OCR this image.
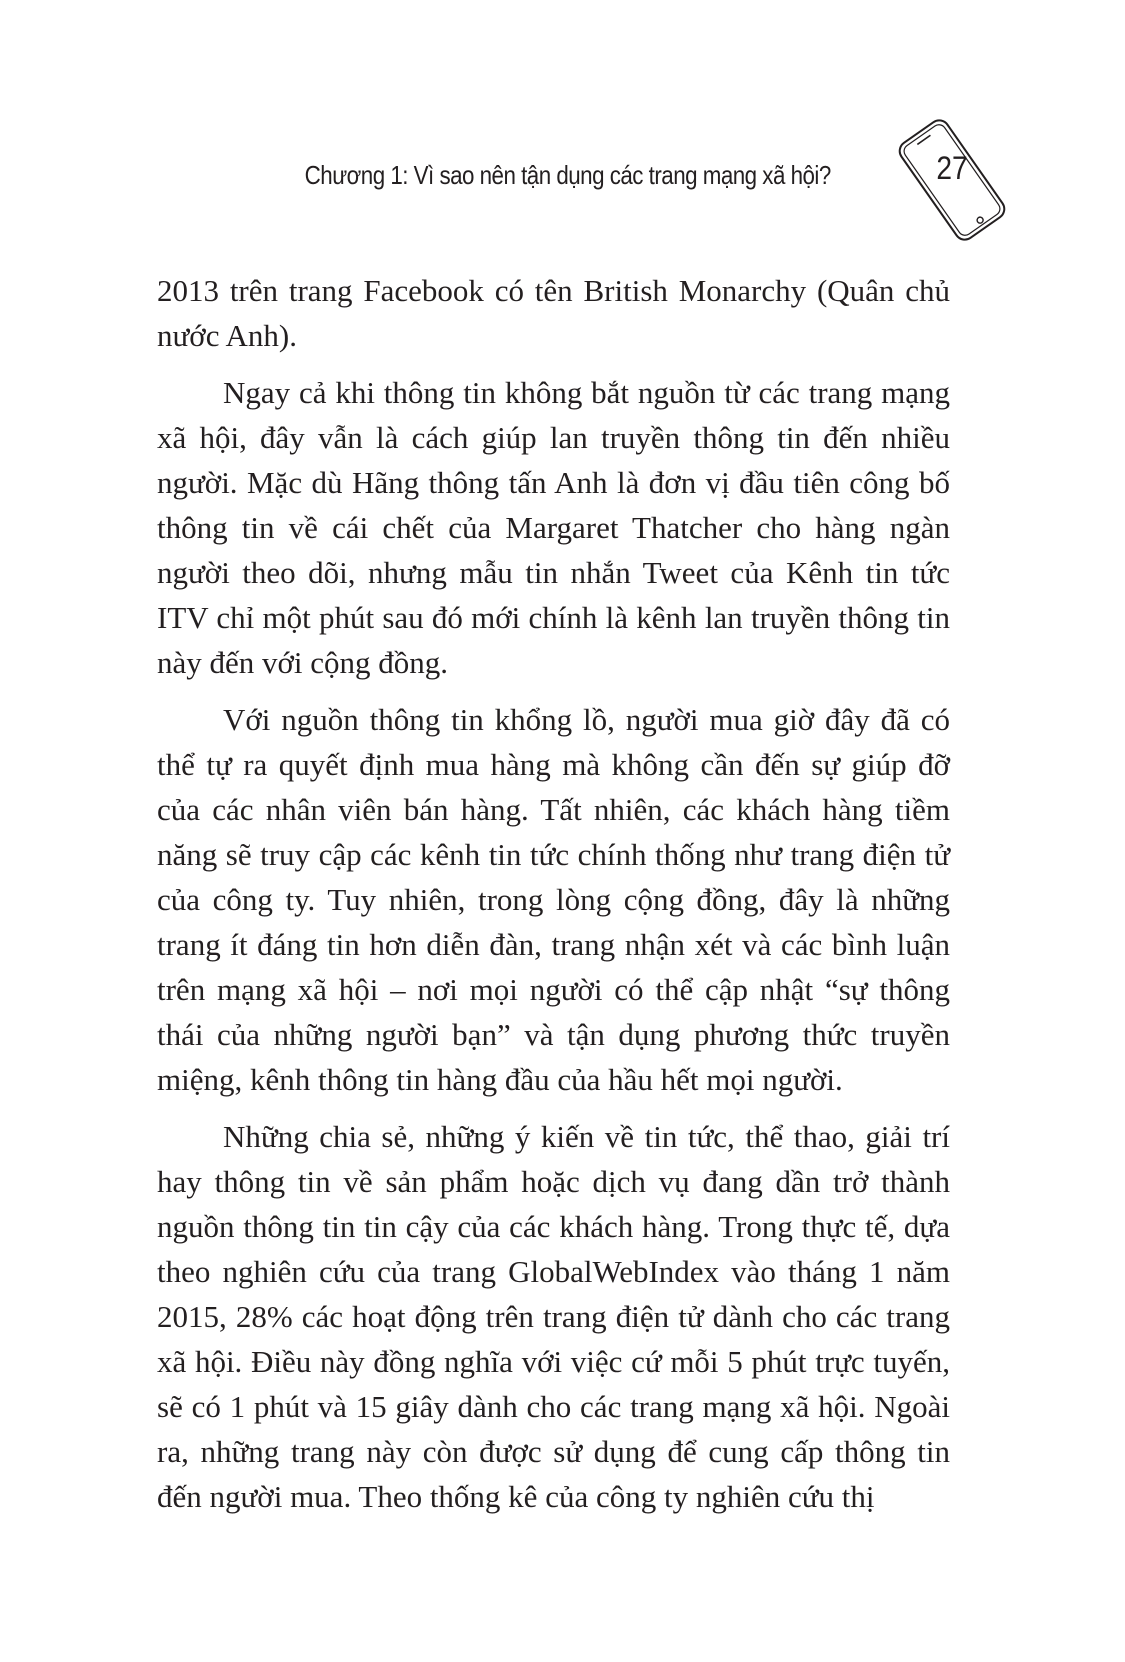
Chương 1: Vì sao nên tận dụng các trang mạng xã hội?	27

2013 trên trang Facebook có tên British Monarchy (Quân chủ nước Anh).

Ngay cả khi thông tin không bắt nguồn từ các trang mạng xã hội, đây vẫn là cách giúp lan truyền thông tin đến nhiều người. Mặc dù Hãng thông tấn Anh là đơn vị đầu tiên công bố thông tin về cái chết của Margaret Thatcher cho hàng ngàn người theo dõi, nhưng mẫu tin nhắn Tweet của Kênh tin tức ITV chỉ một phút sau đó mới chính là kênh lan truyền thông tin này đến với cộng đồng.

Với nguồn thông tin khổng lồ, người mua giờ đây đã có thể tự ra quyết định mua hàng mà không cần đến sự giúp đỡ của các nhân viên bán hàng. Tất nhiên, các khách hàng tiềm năng sẽ truy cập các kênh tin tức chính thống như trang điện tử của công ty. Tuy nhiên, trong lòng cộng đồng, đây là những trang ít đáng tin hơn diễn đàn, trang nhận xét và các bình luận trên mạng xã hội – nơi mọi người có thể cập nhật “sự thông thái của những người bạn” và tận dụng phương thức truyền miệng, kênh thông tin hàng đầu của hầu hết mọi người.

Những chia sẻ, những ý kiến về tin tức, thể thao, giải trí hay thông tin về sản phẩm hoặc dịch vụ đang dần trở thành nguồn thông tin tin cậy của các khách hàng. Trong thực tế, dựa theo nghiên cứu của trang GlobalWebIndex vào tháng 1 năm 2015, 28% các hoạt động trên trang điện tử dành cho các trang xã hội. Điều này đồng nghĩa với việc cứ mỗi 5 phút trực tuyến, sẽ có 1 phút và 15 giây dành cho các trang mạng xã hội. Ngoài ra, những trang này còn được sử dụng để cung cấp thông tin đến người mua. Theo thống kê của công ty nghiên cứu thị
